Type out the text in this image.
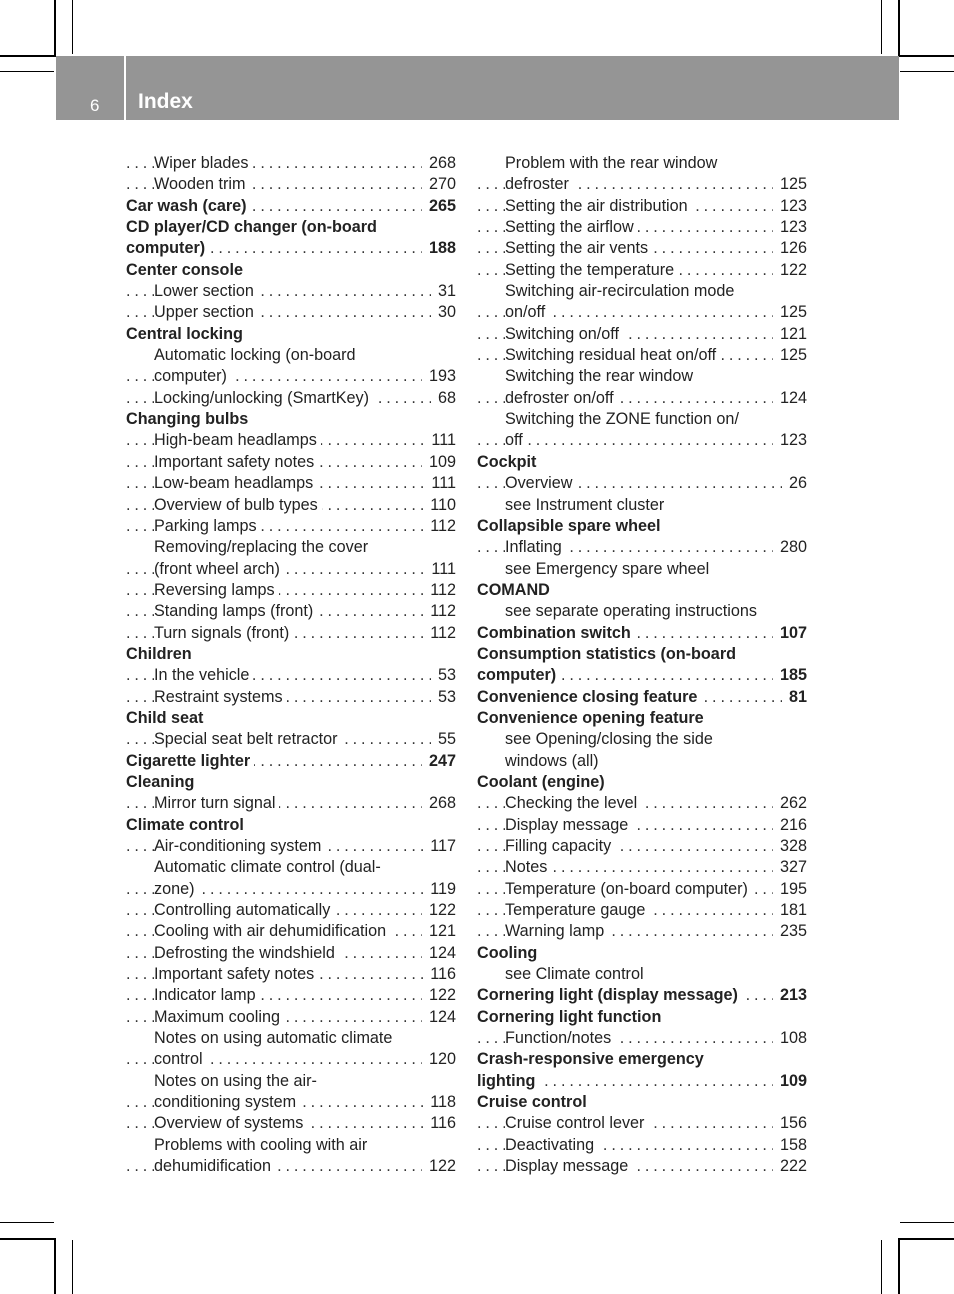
6 Index
Wiper blades	268
. . .
Wooden trim	270
. . .
Car wash (care)	265
. . .
CD player/CD changer (on-board
computer)	188
. . .
Center console
Lower section	31
. . .
Upper section	30
. . .
Central locking
Automatic locking (on-board
computer)	193
. . .
Locking/unlocking (SmartKey)	68
. . .
Changing bulbs
High-beam headlamps	111
. . .
Important safety notes	109
. . .
Low-beam headlamps	111
. . .
Overview of bulb types	110
. . .
Parking lamps	112
. . .
Removing/replacing the cover
(front wheel arch)	111
. . .
Reversing lamps	112
. . .
Standing lamps (front)	112
. . .
Turn signals (front)	112
. . .
Children
In the vehicle	53
. . .
Restraint systems	53
. . .
Child seat
Special seat belt retractor	55
. . .
Cigarette lighter	247
. . .
Cleaning
Mirror turn signal	268
. . .
Climate control
Air-conditioning system	117
. . .
Automatic climate control (dual-
zone)	119
. . .
Controlling automatically	122
. . .
Cooling with air dehumidification	121
. . .
Defrosting the windshield	124
. . .
Important safety notes	116
. . .
Indicator lamp	122
. . .
Maximum cooling	124
. . .
Notes on using automatic climate
control	120
. . .
Notes on using the air-
conditioning system	118
. . .
Overview of systems	116
. . .
Problems with cooling with air
dehumidification	122
. . .
Problem with the rear window
defroster	125
. . .
Setting the air distribution	123
. . .
Setting the airflow	123
. . .
Setting the air vents	126
. . .
Setting the temperature	122
. . .
Switching air-recirculation mode
on/off	125
. . .
Switching on/off	121
. . .
Switching residual heat on/off	125
. . .
Switching the rear window
defroster on/off	124
. . .
Switching the ZONE function on/
off	123
. . .
Cockpit
Overview	26
. . .
see Instrument cluster
Collapsible spare wheel
Inflating	280
. . .
see Emergency spare wheel
COMAND
see separate operating instructions
Combination switch	107
. . .
Consumption statistics (on-board
computer)	185
. . .
Convenience closing feature	81
. . .
Convenience opening feature
see Opening/closing the side
windows (all)
Coolant (engine)
Checking the level	262
. . .
Display message	216
. . .
Filling capacity	328
. . .
Notes	327
. . .
Temperature (on-board computer)	195
. . .
Temperature gauge	181
. . .
Warning lamp	235
. . .
Cooling
see Climate control
Cornering light (display message)	213
. . .
Cornering light function
Function/notes	108
. . .
Crash-responsive emergency
lighting	109
. . .
Cruise control
Cruise control lever	156
. . .
Deactivating	158
. . .
Display message	222
. . .
